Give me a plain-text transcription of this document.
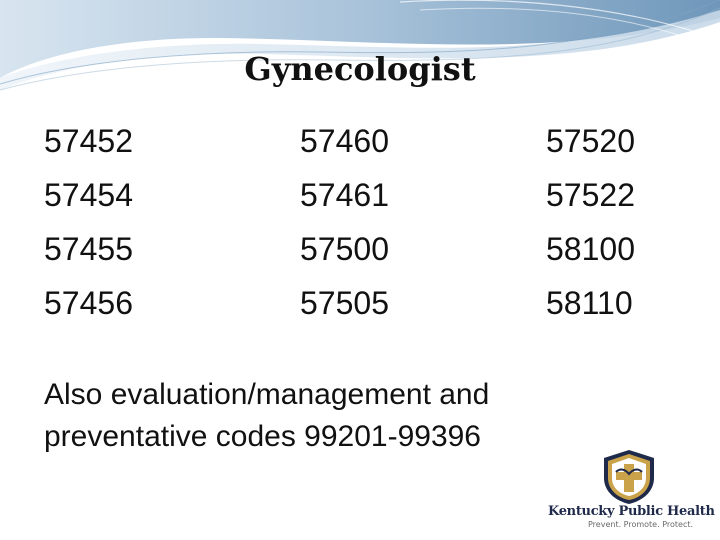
Gynecologist
57452
57454
57455
57456
57460
57461
57500
57505
57520
57522
58100
58110
Also evaluation/management and
preventative codes 99201-99396
Kentucky Public Health
Prevent. Promote. Protect.
